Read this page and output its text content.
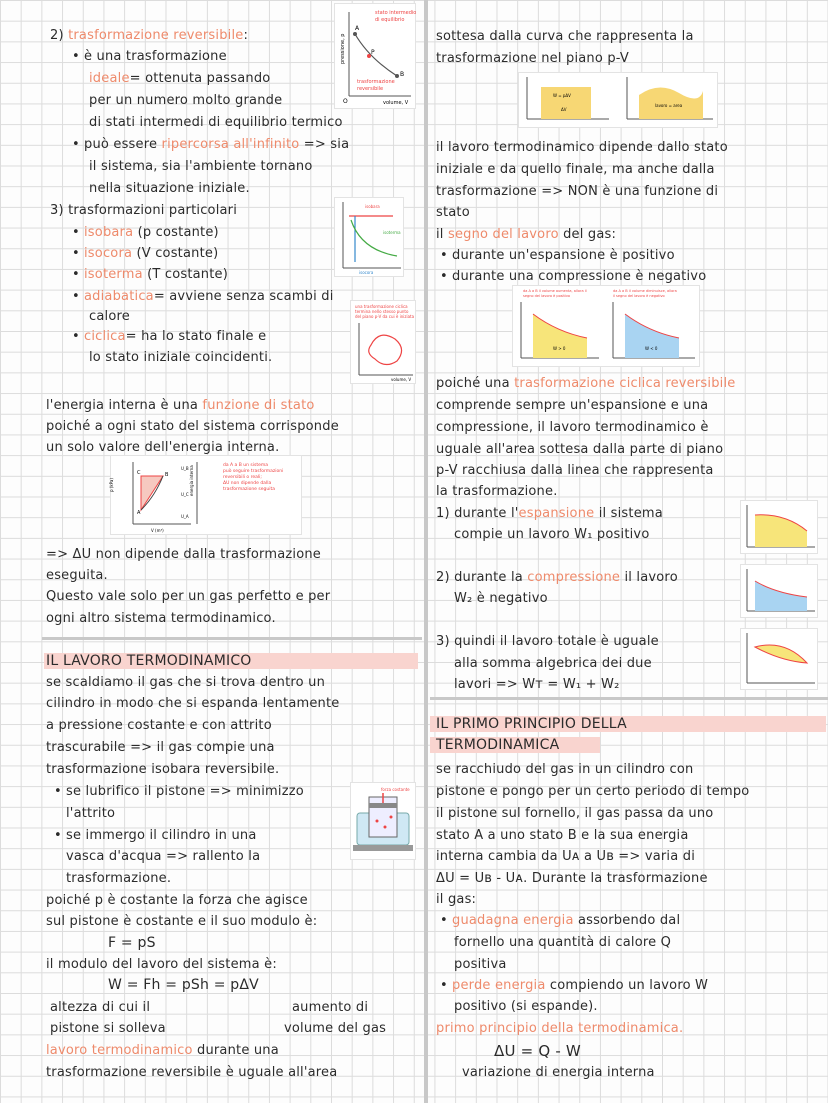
2) trasformazione reversibile:
• è una trasformazione
ideale= ottenuta passando
per un numero molto grande
di stati intermedi di equilibrio termico
• può essere ripercorsa all'infinito => sia
il sistema, sia l'ambiente tornano
nella situazione iniziale.
A
B
P
O	volume, V
pressione, p
stato intermedio di equilibrio
trasformazione reversibile
3) trasformazioni particolari
• isobara (p costante)
• isocora (V costante)
• isoterma (T costante)
• adiabatica= avviene senza scambi di
calore
• ciclica= ha lo stato finale e
lo stato iniziale coincidenti.
isobara
isoterma
isocora
una trasformazione ciclica termina nello stesso punto del piano p-V da cui è iniziata
volume, V
l'energia interna è una funzione di stato
poiché a ogni stato del sistema corrisponde
un solo valore dell'energia interna.
A
B
C
U_B
U_C
U_A
p (kPa)
V (m³)
energia interna	da A a B un sistema può seguire trasformazioni reversibili o reali; ΔU non dipende dalla trasformazione seguita
=> ΔU non dipende dalla trasformazione
eseguita.
Questo vale solo per un gas perfetto e per
ogni altro sistema termodinamico.
IL LAVORO TERMODINAMICO
se scaldiamo il gas che si trova dentro un
cilindro in modo che si espanda lentamente
a pressione costante e con attrito
trascurabile => il gas compie una
trasformazione isobara reversibile.
• se lubrifico il pistone => minimizzo
l'attrito
• se immergo il cilindro in una
vasca d'acqua => rallento la
trasformazione.
forza costante
poiché p è costante la forza che agisce
sul pistone è costante e il suo modulo è:
F = pS
il modulo del lavoro del sistema è:
W = Fh = pSh = pΔV
altezza di cui il
pistone si solleva
aumento di
volume del gas
lavoro termodinamico durante una
trasformazione reversibile è uguale all'area
sottesa dalla curva che rappresenta la
trasformazione nel piano p-V
W = pΔV
ΔV
lavoro = area
il lavoro termodinamico dipende dallo stato
iniziale e da quello finale, ma anche dalla
trasformazione => NON è una funzione di
stato
il segno del lavoro del gas:
• durante un'espansione è positivo
• durante una compressione è negativo
da A a B il volume aumenta, allora il segno del lavoro è positivo
da A a B il volume diminuisce, allora il segno del lavoro è negativo
W > 0	W < 0
poiché una trasformazione ciclica reversibile
comprende sempre un'espansione e una
compressione, il lavoro termodinamico è
uguale all'area sottesa dalla parte di piano
p-V racchiusa dalla linea che rappresenta
la trasformazione.
1) durante l'espansione il sistema
compie un lavoro W₁ positivo
2) durante la compressione il lavoro
W₂ è negativo
3) quindi il lavoro totale è uguale
alla somma algebrica dei due
lavori => Wт = W₁ + W₂
IL PRIMO PRINCIPIO DELLA
TERMODINAMICA
se racchiudo del gas in un cilindro con
pistone e pongo per un certo periodo di tempo
il pistone sul fornello, il gas passa da uno
stato A a uno stato B e la sua energia
interna cambia da Uᴀ a Uʙ => varia di
ΔU = Uʙ - Uᴀ. Durante la trasformazione
il gas:
• guadagna energia assorbendo dal
fornello una quantità di calore Q
positiva
• perde energia compiendo un lavoro W
positivo (si espande).
primo principio della termodinamica.
ΔU = Q - W
variazione di energia interna
